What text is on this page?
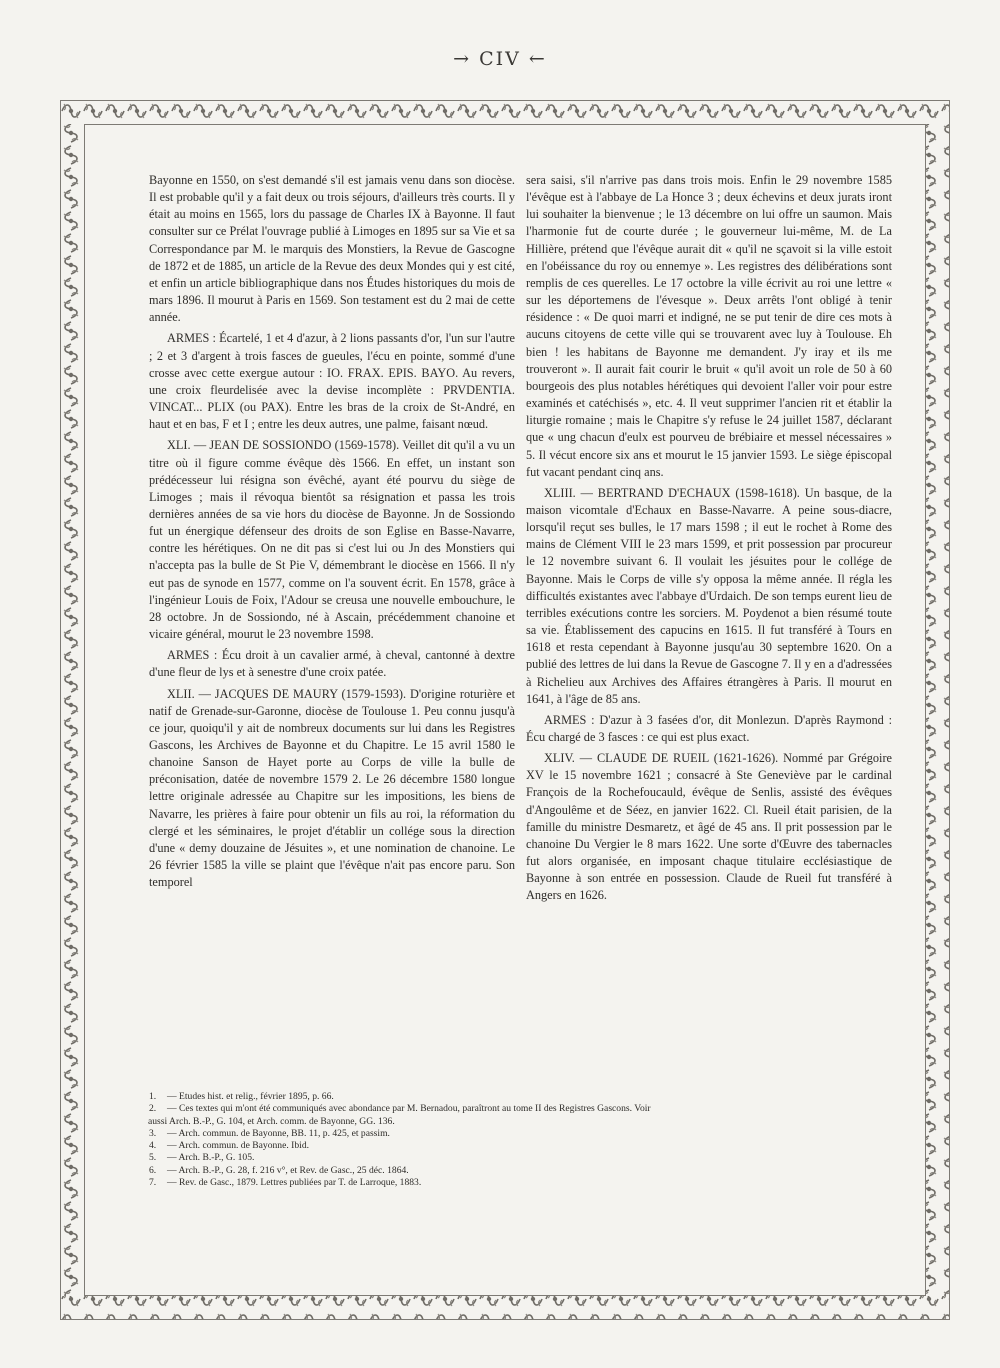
→ CIV ←

Bayonne en 1550, on s'est demandé s'il est jamais venu dans son diocèse. Il est probable qu'il y a fait deux ou trois séjours, d'ailleurs très courts. Il y était au moins en 1565, lors du passage de Charles IX à Bayonne. Il faut consulter sur ce Prélat l'ouvrage publié à Limoges en 1895 sur sa Vie et sa Correspondance par M. le marquis des Monstiers, la Revue de Gascogne de 1872 et de 1885, un article de la Revue des deux Mondes qui y est cité, et enfin un article bibliographique dans nos Études historiques du mois de mars 1896. Il mourut à Paris en 1569. Son testament est du 2 mai de cette année.

ARMES : Écartelé, 1 et 4 d'azur, à 2 lions passants d'or, l'un sur l'autre ; 2 et 3 d'argent à trois fasces de gueules, l'écu en pointe, sommé d'une crosse avec cette exergue autour : IO. FRAX. EPIS. BAYO. Au revers, une croix fleurdelisée avec la devise incomplète : PRVDENTIA. VINCAT... PLIX (ou PAX). Entre les bras de la croix de St-André, en haut et en bas, F et I ; entre les deux autres, une palme, faisant nœud.

XLI. — JEAN DE SOSSIONDO (1569-1578). Veillet dit qu'il a vu un titre où il figure comme évêque dès 1566. En effet, un instant son prédécesseur lui résigna son évêché, ayant été pourvu du siège de Limoges ; mais il révoqua bientôt sa résignation et passa les trois dernières années de sa vie hors du diocèse de Bayonne. Jn de Sossiondo fut un énergique défenseur des droits de son Eglise en Basse-Navarre, contre les hérétiques. On ne dit pas si c'est lui ou Jn des Monstiers qui n'accepta pas la bulle de St Pie V, démembrant le diocèse en 1566. Il n'y eut pas de synode en 1577, comme on l'a souvent écrit. En 1578, grâce à l'ingénieur Louis de Foix, l'Adour se creusa une nouvelle embouchure, le 28 octobre. Jn de Sossiondo, né à Ascain, précédemment chanoine et vicaire général, mourut le 23 novembre 1598.

ARMES : Écu droit à un cavalier armé, à cheval, cantonné à dextre d'une fleur de lys et à senestre d'une croix patée.

XLII. — JACQUES DE MAURY (1579-1593). D'origine roturière et natif de Grenade-sur-Garonne, diocèse de Toulouse 1. Peu connu jusqu'à ce jour, quoiqu'il y ait de nombreux documents sur lui dans les Registres Gascons, les Archives de Bayonne et du Chapitre. Le 15 avril 1580 le chanoine Sanson de Hayet porte au Corps de ville la bulle de préconisation, datée de novembre 1579 2. Le 26 décembre 1580 longue lettre originale adressée au Chapitre sur les impositions, les biens de Navarre, les prières à faire pour obtenir un fils au roi, la réformation du clergé et les séminaires, le projet d'établir un collége sous la direction d'une « demy douzaine de Jésuites », et une nomination de chanoine. Le 26 février 1585 la ville se plaint que l'évêque n'ait pas encore paru. Son temporel

sera saisi, s'il n'arrive pas dans trois mois. Enfin le 29 novembre 1585 l'évêque est à l'abbaye de La Honce 3 ; deux échevins et deux jurats iront lui souhaiter la bienvenue ; le 13 décembre on lui offre un saumon. Mais l'harmonie fut de courte durée ; le gouverneur lui-même, M. de La Hillière, prétend que l'évêque aurait dit « qu'il ne sçavoit si la ville estoit en l'obéissance du roy ou ennemye ». Les registres des délibérations sont remplis de ces querelles. Le 17 octobre la ville écrivit au roi une lettre « sur les déportemens de l'évesque ». Deux arrêts l'ont obligé à tenir résidence : « De quoi marri et indigné, ne se put tenir de dire ces mots à aucuns citoyens de cette ville qui se trouvarent avec luy à Toulouse. Eh bien ! les habitans de Bayonne me demandent. J'y iray et ils me trouveront ». Il aurait fait courir le bruit « qu'il avoit un role de 50 à 60 bourgeois des plus notables hérétiques qui devoient l'aller voir pour estre examinés et catéchisés », etc. 4. Il veut supprimer l'ancien rit et établir la liturgie romaine ; mais le Chapitre s'y refuse le 24 juillet 1587, déclarant que « ung chacun d'eulx est pourveu de brébiaire et messel nécessaires » 5. Il vécut encore six ans et mourut le 15 janvier 1593. Le siège épiscopal fut vacant pendant cinq ans.

XLIII. — BERTRAND D'ECHAUX (1598-1618). Un basque, de la maison vicomtale d'Echaux en Basse-Navarre. A peine sous-diacre, lorsqu'il reçut ses bulles, le 17 mars 1598 ; il eut le rochet à Rome des mains de Clément VIII le 23 mars 1599, et prit possession par procureur le 12 novembre suivant 6. Il voulait les jésuites pour le collége de Bayonne. Mais le Corps de ville s'y opposa la même année. Il régla les difficultés existantes avec l'abbaye d'Urdaich. De son temps eurent lieu de terribles exécutions contre les sorciers. M. Poydenot a bien résumé toute sa vie. Établissement des capucins en 1615. Il fut transféré à Tours en 1618 et resta cependant à Bayonne jusqu'au 30 septembre 1620. On a publié des lettres de lui dans la Revue de Gascogne 7. Il y en a d'adressées à Richelieu aux Archives des Affaires étrangères à Paris. Il mourut en 1641, à l'âge de 85 ans.

ARMES : D'azur à 3 fasées d'or, dit Monlezun. D'après Raymond : Écu chargé de 3 fasces : ce qui est plus exact.

XLIV. — CLAUDE DE RUEIL (1621-1626). Nommé par Grégoire XV le 15 novembre 1621 ; consacré à Ste Geneviève par le cardinal François de la Rochefoucauld, évêque de Senlis, assisté des évêques d'Angoulême et de Séez, en janvier 1622. Cl. Rueil était parisien, de la famille du ministre Desmaretz, et âgé de 45 ans. Il prit possession par le chanoine Du Vergier le 8 mars 1622. Une sorte d'Œuvre des tabernacles fut alors organisée, en imposant chaque titulaire ecclésiastique de Bayonne à son entrée en possession. Claude de Rueil fut transféré à Angers en 1626.

1. — Etudes hist. et relig., février 1895, p. 66.
2. — Ces textes qui m'ont été communiqués avec abondance par M. Bernadou, paraîtront au tome II des Registres Gascons. Voir
aussi Arch. B.-P., G. 104, et Arch. comm. de Bayonne, GG. 136.
3. — Arch. commun. de Bayonne, BB. 11, p. 425, et passim.
4. — Arch. commun. de Bayonne. Ibid.
5. — Arch. B.-P., G. 105.
6. — Arch. B.-P., G. 28, f. 216 v°, et Rev. de Gasc., 25 déc. 1864.
7. — Rev. de Gasc., 1879. Lettres publiées par T. de Larroque, 1883.
